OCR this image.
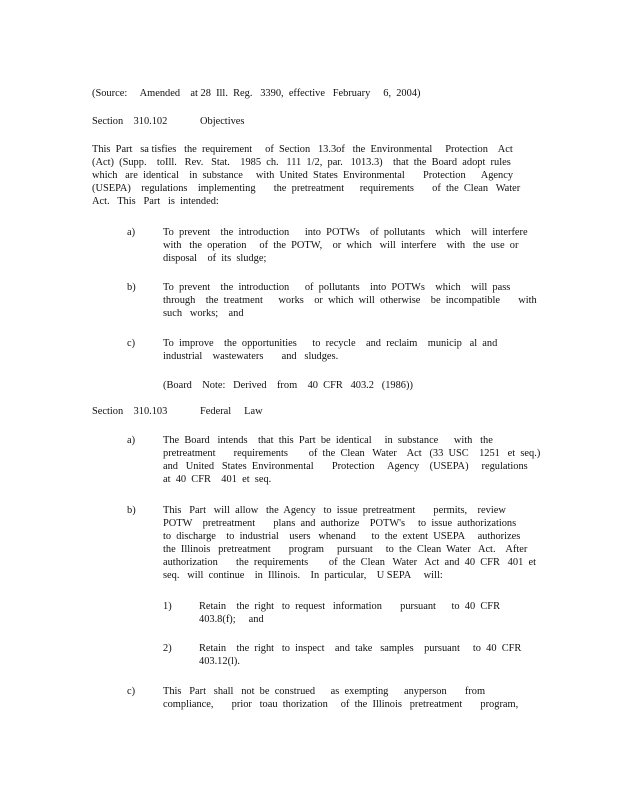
(Source:     Amended    at 28  Ill.  Reg.   3390,  effective   February     6,  2004)
Section    310.102	Objectives
This  Part   sa tisfies   the  requirement     of  Section   13.3of   the  Environmental     Protection    Act
(Act)  (Supp.    toIll.   Rev.   Stat.    1985  ch.   111  1/2,  par.   1013.3)    that  the  Board  adopt  rules
which   are  identical    in  substance     with  United  States  Environmental       Protection      Agency
(USEPA)    regulations    implementing       the  pretreatment      requirements       of  the  Clean   Water
Act.   This   Part   is  intended:
a)	To  prevent    the  introduction      into  POTWs    of  pollutants    which    will  interfere
with   the  operation     of  the  POTW,    or  which   will  interfere    with   the  use  or
disposal    of  its  sludge;
b)	To  prevent    the  introduction      of  pollutants    into  POTWs    which    will  pass
through    the  treatment      works    or  which  will  otherwise    be  incompatible       with
such   works;    and
c)	To  improve    the  opportunities      to  recycle    and  reclaim    municip   al  and
industrial    wastewaters       and   sludges.
(Board    Note:   Derived    from    40  CFR   403.2   (1986))
Section    310.103	Federal     Law
a)	The  Board   intends    that  this  Part  be  identical     in  substance      with   the
pretreatment       requirements        of  the  Clean   Water    Act   (33  USC    1251   et  seq.)
and   United   States  Environmental       Protection     Agency    (USEPA)     regulations
at  40  CFR    401  et  seq.
b)	This   Part   will  allow   the  Agency   to  issue  pretreatment       permits,    review
POTW    pretreatment       plans  and  authorize    POTW's     to  issue  authorizations
to  discharge    to  industrial    users   whenand      to  the  extent  USEPA     authorizes
the  Illinois   pretreatment       program     pursuant     to  the  Clean  Water   Act.    After
authorization       the  requirements        of  the  Clean   Water   Act  and  40  CFR   401  et
seq.   will  continue    in  Illinois.    In  particular,    U SEPA     will:
1)	Retain    the  right   to  request   information       pursuant      to  40  CFR
403.8(f);     and
2)	Retain    the  right   to  inspect    and  take   samples    pursuant     to  40  CFR
403.12(l).
c)	This   Part   shall   not  be  construed      as  exempting      anyperson       from
compliance,       prior   toau  thorization     of  the  Illinois   pretreatment       program,
